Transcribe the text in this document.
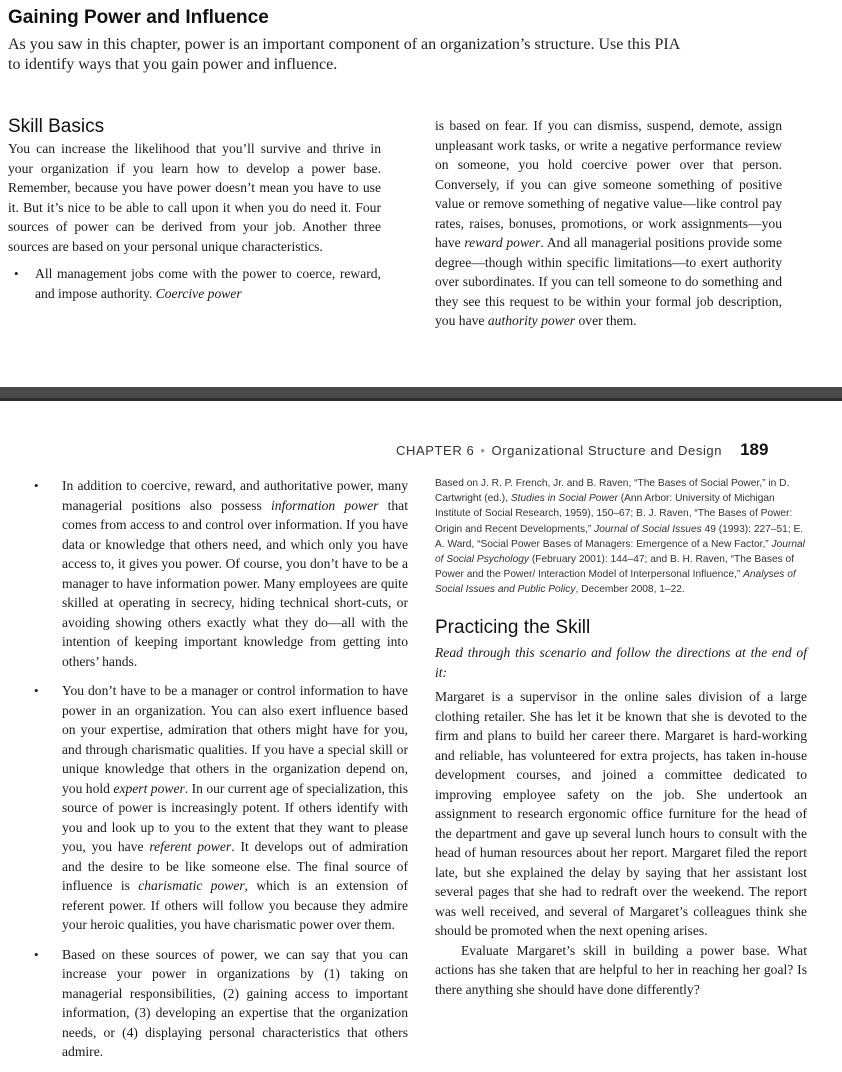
Gaining Power and Influence
As you saw in this chapter, power is an important component of an organization’s structure. Use this PIA to identify ways that you gain power and influence.
Skill Basics

You can increase the likelihood that you’ll survive and thrive in your organization if you learn how to develop a power base. Remember, because you have power doesn’t mean you have to use it. But it’s nice to be able to call upon it when you do need it. Four sources of power can be derived from your job. Another three sources are based on your personal unique characteristics.

• All management jobs come with the power to coerce, reward, and impose authority. Coercive power

is based on fear. If you can dismiss, suspend, demote, assign unpleasant work tasks, or write a negative performance review on someone, you hold coercive power over that person. Conversely, if you can give someone something of positive value or remove something of negative value—like control pay rates, raises, bonuses, promotions, or work assignments—you have reward power. And all managerial positions provide some degree—though within specific limitations—to exert authority over subordinates. If you can tell someone to do something and they see this request to be within your formal job description, you have authority power over them.

CHAPTER 6 • Organizational Structure and Design 189

• In addition to coercive, reward, and authoritative power, many managerial positions also possess information power that comes from access to and control over information. If you have data or knowledge that others need, and which only you have access to, it gives you power. Of course, you don’t have to be a manager to have information power. Many employees are quite skilled at operating in secrecy, hiding technical short-cuts, or avoiding showing others exactly what they do—all with the intention of keeping important knowledge from getting into others’ hands.

• You don’t have to be a manager or control information to have power in an organization. You can also exert influence based on your expertise, admiration that others might have for you, and through charismatic qualities. If you have a special skill or unique knowledge that others in the organization depend on, you hold expert power. In our current age of specialization, this source of power is increasingly potent. If others identify with you and look up to you to the extent that they want to please you, you have referent power. It develops out of admiration and the desire to be like someone else. The final source of influence is charismatic power, which is an extension of referent power. If others will follow you because they admire your heroic qualities, you have charismatic power over them.

• Based on these sources of power, we can say that you can increase your power in organizations by (1) taking on managerial responsibilities, (2) gaining access to important information, (3) developing an expertise that the organization needs, or (4) displaying personal characteristics that others admire.

Based on J. R. P. French, Jr. and B. Raven, “The Bases of Social Power,” in D. Cartwright (ed.), Studies in Social Power (Ann Arbor: University of Michigan Institute of Social Research, 1959), 150–67; B. J. Raven, “The Bases of Power: Origin and Recent Developments,” Journal of Social Issues 49 (1993): 227–51; E. A. Ward, “Social Power Bases of Managers: Emergence of a New Factor,” Journal of Social Psychology (February 2001): 144–47; and B. H. Raven, “The Bases of Power and the Power/ Interaction Model of Interpersonal Influence,” Analyses of Social Issues and Public Policy, December 2008, 1–22.

Practicing the Skill

Read through this scenario and follow the directions at the end of it:

Margaret is a supervisor in the online sales division of a large clothing retailer. She has let it be known that she is devoted to the firm and plans to build her career there. Margaret is hard-working and reliable, has volunteered for extra projects, has taken in-house development courses, and joined a committee dedicated to improving employee safety on the job. She undertook an assignment to research ergonomic office furniture for the head of the department and gave up several lunch hours to consult with the head of human resources about her report. Margaret filed the report late, but she explained the delay by saying that her assistant lost several pages that she had to redraft over the weekend. The report was well received, and several of Margaret’s colleagues think she should be promoted when the next opening arises.

Evaluate Margaret’s skill in building a power base. What actions has she taken that are helpful to her in reaching her goal? Is there anything she should have done differently?
